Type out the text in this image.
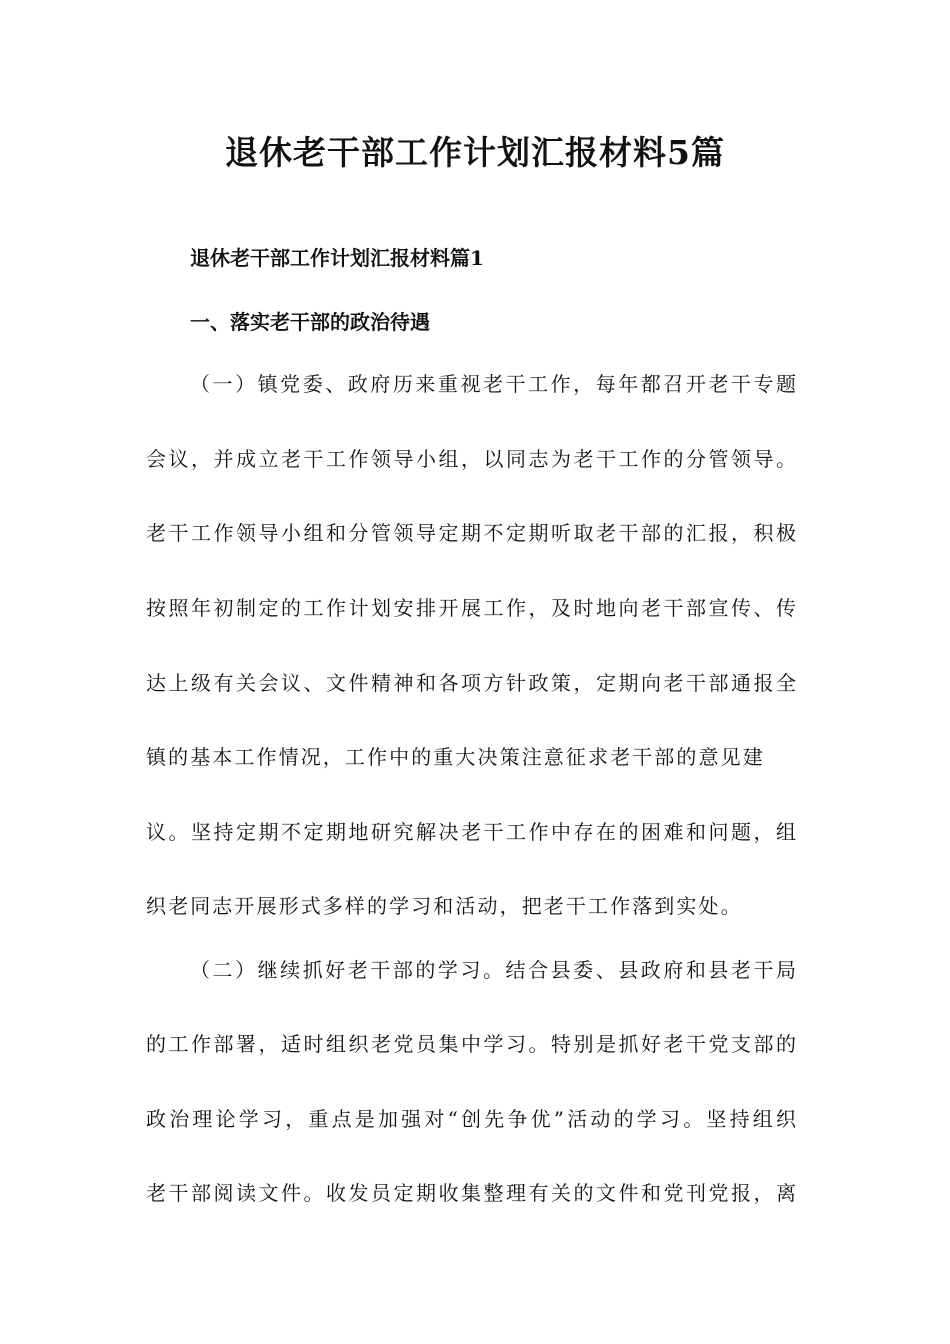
退休老干部工作计划汇报材料5篇
退休老干部工作计划汇报材料篇1
一、落实老干部的政治待遇
（一）镇党委、政府历来重视老干工作，每年都召开老干专题
会议，并成立老干工作领导小组，以同志为老干工作的分管领导。
老干工作领导小组和分管领导定期不定期听取老干部的汇报，积极
按照年初制定的工作计划安排开展工作，及时地向老干部宣传、传
达上级有关会议、文件精神和各项方针政策，定期向老干部通报全
镇的基本工作情况，工作中的重大决策注意征求老干部的意见建
议。坚持定期不定期地研究解决老干工作中存在的困难和问题，组
织老同志开展形式多样的学习和活动，把老干工作落到实处。
（二）继续抓好老干部的学习。结合县委、县政府和县老干局
的工作部署，适时组织老党员集中学习。特别是抓好老干党支部的
政治理论学习，重点是加强对“创先争优”活动的学习。坚持组织
老干部阅读文件。收发员定期收集整理有关的文件和党刊党报，离
